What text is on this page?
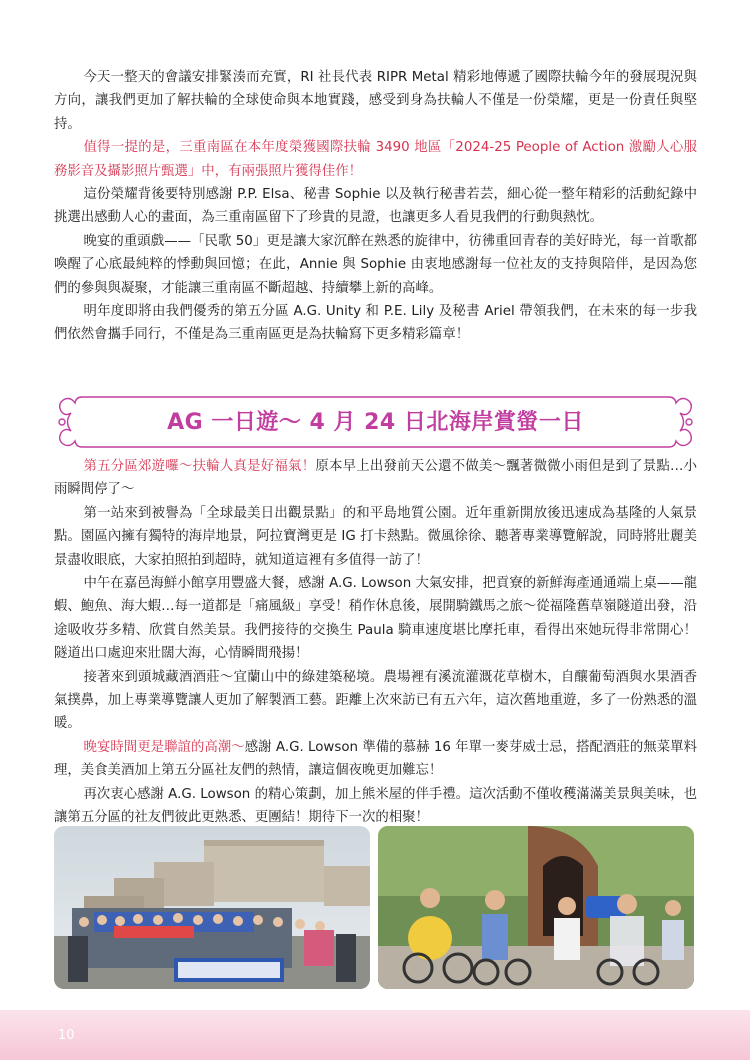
今天一整天的會議安排緊湊而充實，RI 社長代表 RIPR Metal 精彩地傳遞了國際扶輪今年的發展現況與方向，讓我們更加了解扶輪的全球使命與本地實踐，感受到身為扶輪人不僅是一份榮耀，更是一份責任與堅持。

值得一提的是，三重南區在本年度榮獲國際扶輪 3490 地區「2024-25 People of Action 激勵人心服務影音及攝影照片甄選」中，有兩張照片獲得佳作！

這份榮耀背後要特別感謝 P.P. Elsa、秘書 Sophie 以及執行秘書若芸，細心從一整年精彩的活動紀錄中挑選出感動人心的畫面，為三重南區留下了珍貴的見證，也讓更多人看見我們的行動與熱忱。

晚宴的重頭戲——「民歌 50」更是讓大家沉醉在熟悉的旋律中，彷彿重回青春的美好時光，每一首歌都喚醒了心底最純粹的悸動與回憶；在此，Annie 與 Sophie 由衷地感謝每一位社友的支持與陪伴，是因為您們的參與與凝聚，才能讓三重南區不斷超越、持續攀上新的高峰。

明年度即將由我們優秀的第五分區 A.G. Unity 和 P.E. Lily 及秘書 Ariel 帶領我們，在未來的每一步我們依然會攜手同行，不僅是為三重南區更是為扶輪寫下更多精彩篇章！

AG 一日遊～ 4 月 24 日北海岸賞螢一日

第五分區郊遊囉～扶輪人真是好福氣！原本早上出發前天公還不做美～飄著微微小雨但是到了景點…小雨瞬間停了～

第一站來到被譽為「全球最美日出觀景點」的和平島地質公園。近年重新開放後迅速成為基隆的人氣景點。園區內擁有獨特的海岸地景，阿拉寶灣更是 IG 打卡熱點。微風徐徐、聽著專業導覽解說，同時將壯麗美景盡收眼底，大家拍照拍到超時，就知道這裡有多值得一訪了！

中午在嘉邑海鮮小館享用豐盛大餐，感謝 A.G. Lowson 大氣安排，把貢寮的新鮮海產通通端上桌——龍蝦、鮑魚、海大蝦…每一道都是「痛風級」享受！稍作休息後，展開騎鐵馬之旅～從福隆舊草嶺隧道出發，沿途吸收芬多精、欣賞自然美景。我們接待的交換生 Paula 騎車速度堪比摩托車，看得出來她玩得非常開心！隧道出口處迎來壯闊大海，心情瞬間飛揚！

接著來到頭城藏酒酒莊～宜蘭山中的綠建築秘境。農場裡有溪流灌溉花草樹木，自釀葡萄酒與水果酒香氣撲鼻，加上專業導覽讓人更加了解製酒工藝。距離上次來訪已有五六年，這次舊地重遊，多了一份熟悉的溫暖。

晚宴時間更是聯誼的高潮～感謝 A.G. Lowson 準備的慕赫 16 年單一麥芽威士忌，搭配酒莊的無菜單料理，美食美酒加上第五分區社友們的熱情，讓這個夜晚更加難忘！

再次衷心感謝 A.G. Lowson 的精心策劃，加上熊米屋的伴手禮。這次活動不僅收穫滿滿美景與美味，也讓第五分區的社友們彼此更熟悉、更團結！期待下一次的相聚！

10
